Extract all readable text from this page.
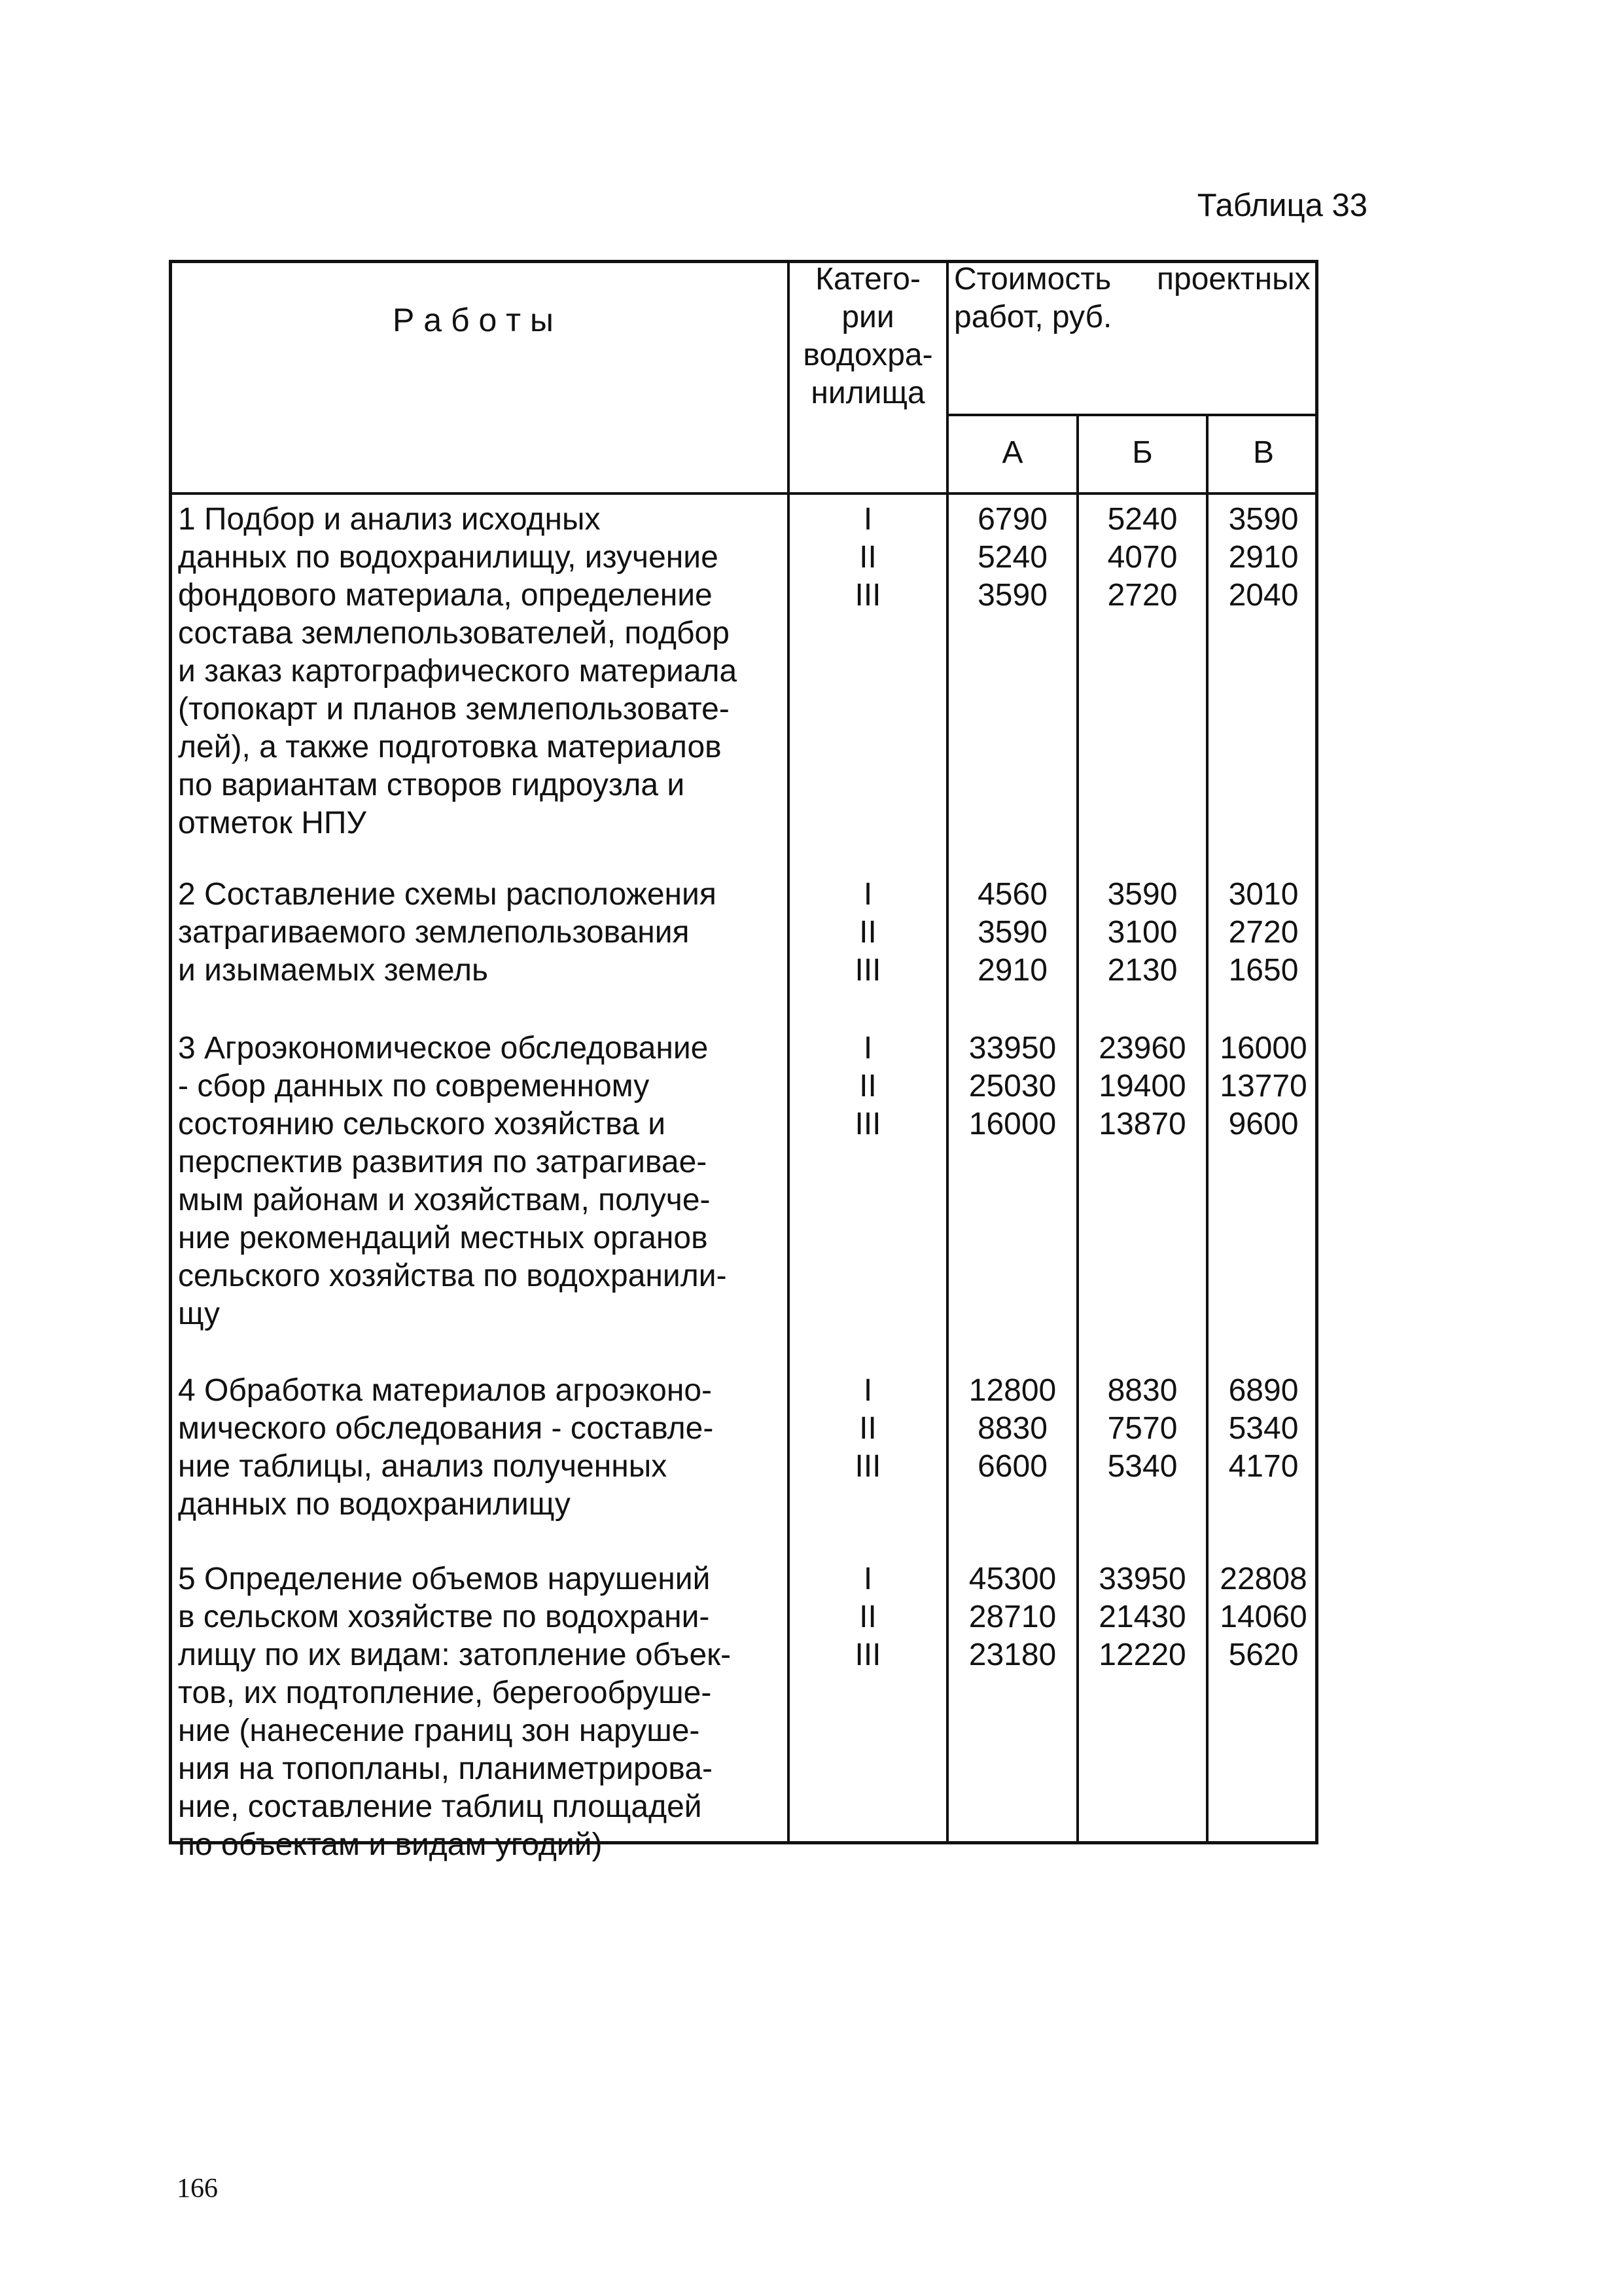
Таблица 33
Р а б о т ы
Катего-
рии
водохра-
нилища
Стоимость проектных
работ, руб.
А	Б	В
1 Подбор и анализ исходных
данных по водохранилищу, изучение
фондового материала, определение
состава землепользователей, подбор
и заказ картографического материала
(топокарт и планов землепользовате-
лей), а также подготовка материалов
по вариантам створов гидроузла и
отметок НПУ
I
II
III
6790
5240
3590
5240
4070
2720
3590
2910
2040
2 Составление схемы расположения
затрагиваемого землепользования
и изымаемых земель
I
II
III
4560
3590
2910
3590
3100
2130
3010
2720
1650
3 Агроэкономическое обследование
- сбор данных по современному
состоянию сельского хозяйства и
перспектив развития по затрагивае-
мым районам и хозяйствам, получе-
ние рекомендаций местных органов
сельского хозяйства по водохранили-
щу
I
II
III
33950
25030
16000
23960
19400
13870
16000
13770
9600
4 Обработка материалов агроэконо-
мического обследования - составле-
ние таблицы, анализ полученных
данных по водохранилищу
I
II
III
12800
8830
6600
8830
7570
5340
6890
5340
4170
5 Определение объемов нарушений
в сельском хозяйстве по водохрани-
лищу по их видам: затопление объек-
тов, их подтопление, берегообруше-
ние (нанесение границ зон наруше-
ния на топопланы, планиметрирова-
ние, составление таблиц площадей
по объектам и видам угодий)
I
II
III
45300
28710
23180
33950
21430
12220
22808
14060
5620
166
